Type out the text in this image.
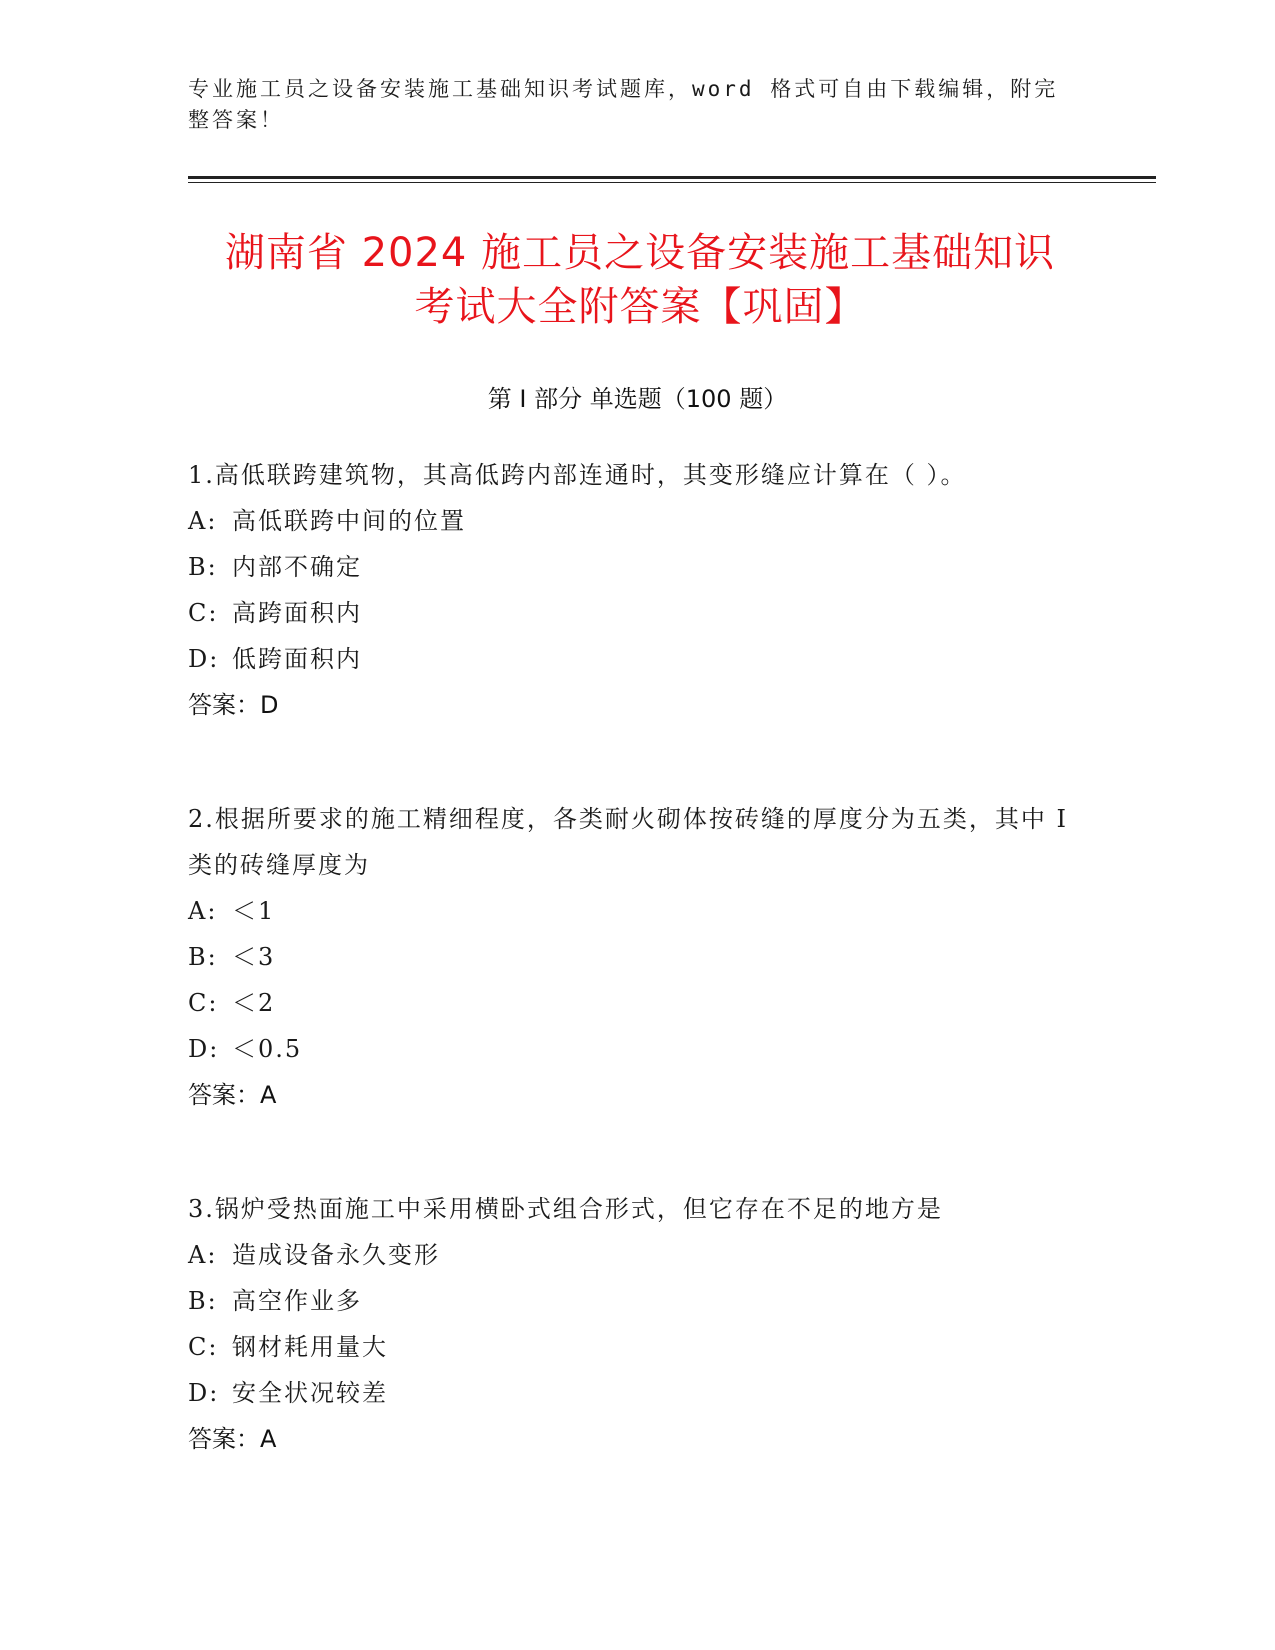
专业施工员之设备安装施工基础知识考试题库，word 格式可自由下载编辑，附完整答案！
湖南省 2024 施工员之设备安装施工基础知识
考试大全附答案【巩固】
第 I 部分 单选题（100 题）
1.高低联跨建筑物，其高低跨内部连通时，其变形缝应计算在（ ）。
A: 高低联跨中间的位置
B: 内部不确定
C: 高跨面积内
D: 低跨面积内
答案：D
2.根据所要求的施工精细程度，各类耐火砌体按砖缝的厚度分为五类，其中 I 类的砖缝厚度为
A: ＜1
B: ＜3
C: ＜2
D: ＜0.5
答案：A
3.锅炉受热面施工中采用横卧式组合形式，但它存在不足的地方是
A: 造成设备永久变形
B: 高空作业多
C: 钢材耗用量大
D: 安全状况较差
答案：A
